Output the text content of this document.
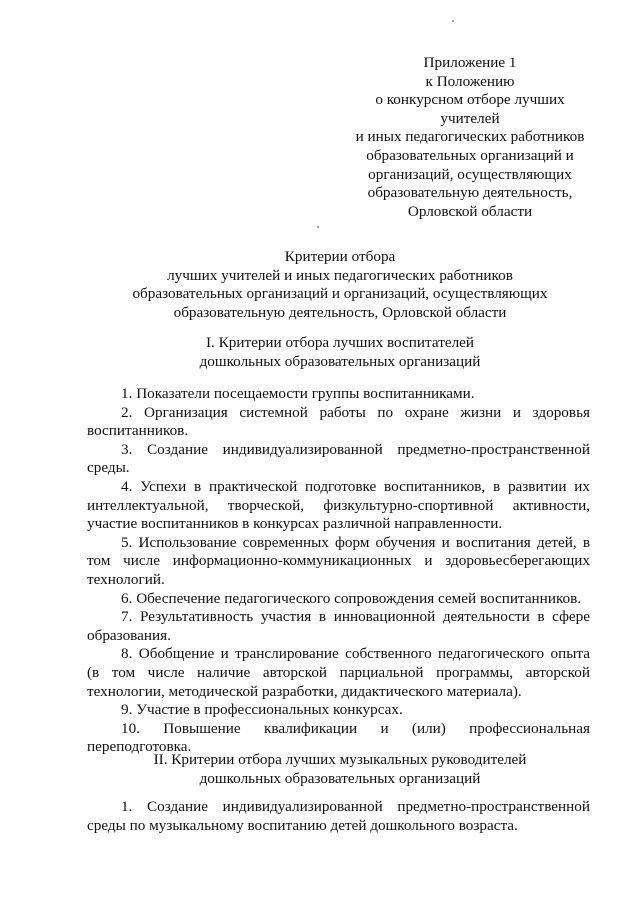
Приложение 1
к Положению
о конкурсном отборе лучших
учителей
и иных педагогических работников
образовательных организаций и
организаций, осуществляющих
образовательную деятельность,
Орловской области
Критерии отбора
лучших учителей и иных педагогических работников
образовательных организаций и организаций, осуществляющих
образовательную деятельность, Орловской области
I. Критерии отбора лучших воспитателей
дошкольных образовательных организаций

1. Показатели посещаемости группы воспитанниками.

2. Организация системной работы по охране жизни и здоровья воспитанников.

3. Создание индивидуализированной предметно-пространственной среды.

4. Успехи в практической подготовке воспитанников, в развитии их интеллектуальной, творческой, физкультурно-спортивной активности, участие воспитанников в конкурсах различной направленности.

5. Использование современных форм обучения и воспитания детей, в том числе информационно-коммуникационных и здоровьесберегающих технологий.

6. Обеспечение педагогического сопровождения семей воспитанников.

7. Результативность участия в инновационной деятельности в сфере образования.

8. Обобщение и транслирование собственного педагогического опыта (в том числе наличие авторской парциальной программы, авторской технологии, методической разработки, дидактического материала).

9. Участие в профессиональных конкурсах.

10. Повышение квалификации и (или) профессиональная переподготовка.

II. Критерии отбора лучших музыкальных руководителей
дошкольных образовательных организаций

1. Создание индивидуализированной предметно-пространственной среды по музыкальному воспитанию детей дошкольного возраста.
